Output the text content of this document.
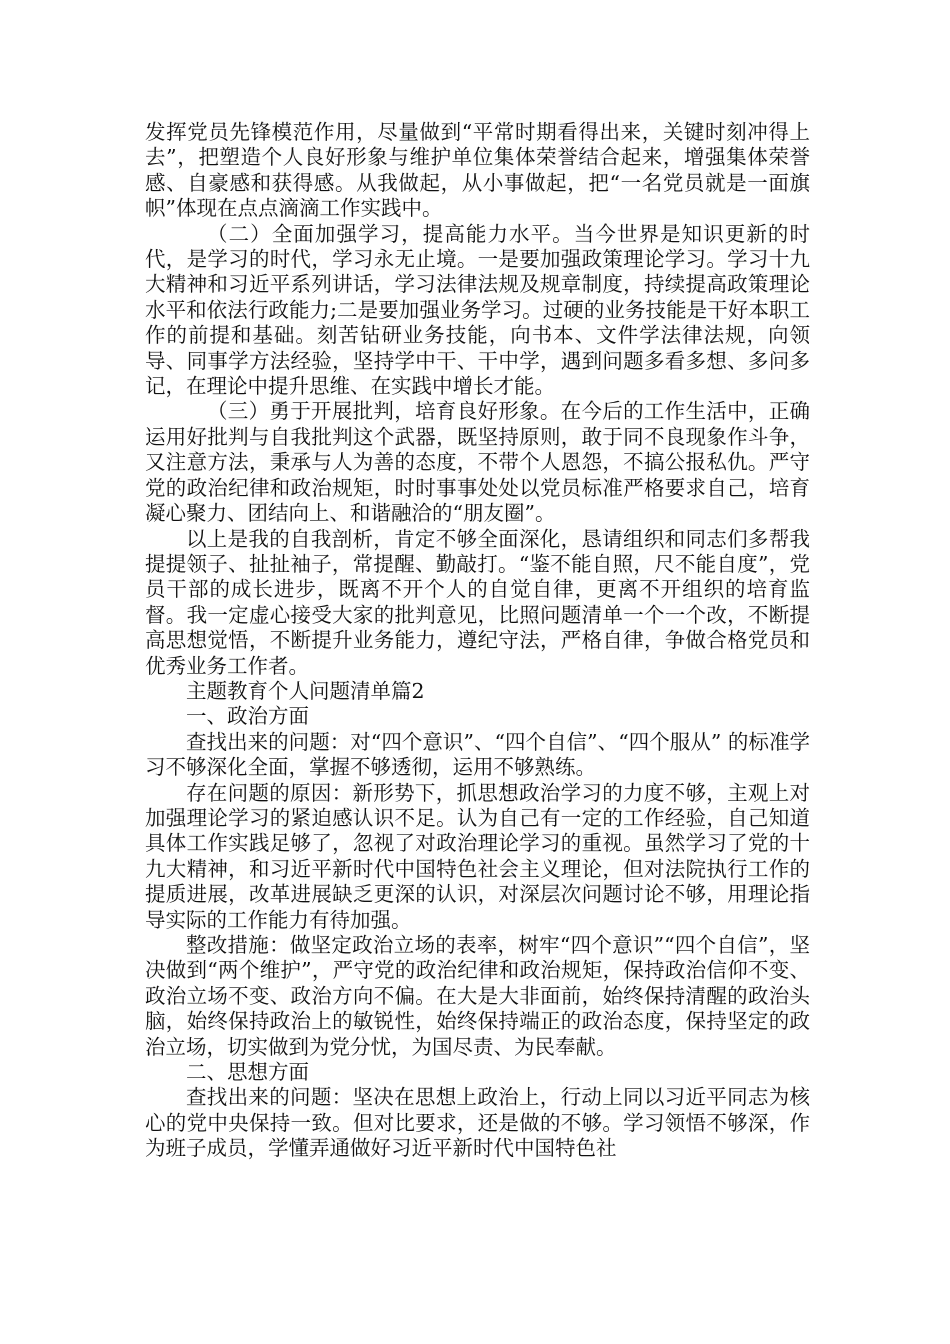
发挥党员先锋模范作用，尽量做到“平常时期看得出来，关键时刻冲得上去”，把塑造个人良好形象与维护单位集体荣誉结合起来，增强集体荣誉感、自豪感和获得感。从我做起，从小事做起，把“一名党员就是一面旗帜”体现在点点滴滴工作实践中。

（二）全面加强学习，提高能力水平。当今世界是知识更新的时代，是学习的时代，学习永无止境。一是要加强政策理论学习。学习十九大精神和习近平系列讲话，学习法律法规及规章制度，持续提高政策理论水平和依法行政能力;二是要加强业务学习。过硬的业务技能是干好本职工作的前提和基础。刻苦钻研业务技能，向书本、文件学法律法规，向领导、同事学方法经验，坚持学中干、干中学，遇到问题多看多想、多问多记，在理论中提升思维、在实践中增长才能。

（三）勇于开展批判，培育良好形象。在今后的工作生活中，正确运用好批判与自我批判这个武器，既坚持原则，敢于同不良现象作斗争，又注意方法，秉承与人为善的态度，不带个人恩怨，不搞公报私仇。严守党的政治纪律和政治规矩，时时事事处处以党员标准严格要求自己，培育凝心聚力、团结向上、和谐融洽的“朋友圈”。

以上是我的自我剖析，肯定不够全面深化，恳请组织和同志们多帮我提提领子、扯扯袖子，常提醒、勤敲打。“鉴不能自照，尺不能自度”，党员干部的成长进步，既离不开个人的自觉自律，更离不开组织的培育监督。我一定虚心接受大家的批判意见，比照问题清单一个一个改，不断提高思想觉悟，不断提升业务能力，遵纪守法，严格自律，争做合格党员和优秀业务工作者。

主题教育个人问题清单篇2

一、政治方面

查找出来的问题：对“四个意识”、“四个自信”、“四个服从” 的标准学习不够深化全面，掌握不够透彻，运用不够熟练。

存在问题的原因：新形势下，抓思想政治学习的力度不够，主观上对加强理论学习的紧迫感认识不足。认为自己有一定的工作经验，自己知道具体工作实践足够了，忽视了对政治理论学习的重视。虽然学习了党的十九大精神，和习近平新时代中国特色社会主义理论，但对法院执行工作的提质进展，改革进展缺乏更深的认识，对深层次问题讨论不够，用理论指导实际的工作能力有待加强。

整改措施：做坚定政治立场的表率，树牢“四个意识”“四个自信”，坚决做到“两个维护”，严守党的政治纪律和政治规矩，保持政治信仰不变、政治立场不变、政治方向不偏。在大是大非面前，始终保持清醒的政治头脑，始终保持政治上的敏锐性，始终保持端正的政治态度，保持坚定的政治立场，切实做到为党分忧，为国尽责、为民奉献。

二、思想方面

查找出来的问题：坚决在思想上政治上，行动上同以习近平同志为核心的党中央保持一致。但对比要求，还是做的不够。学习领悟不够深，作为班子成员，学懂弄通做好习近平新时代中国特色社
